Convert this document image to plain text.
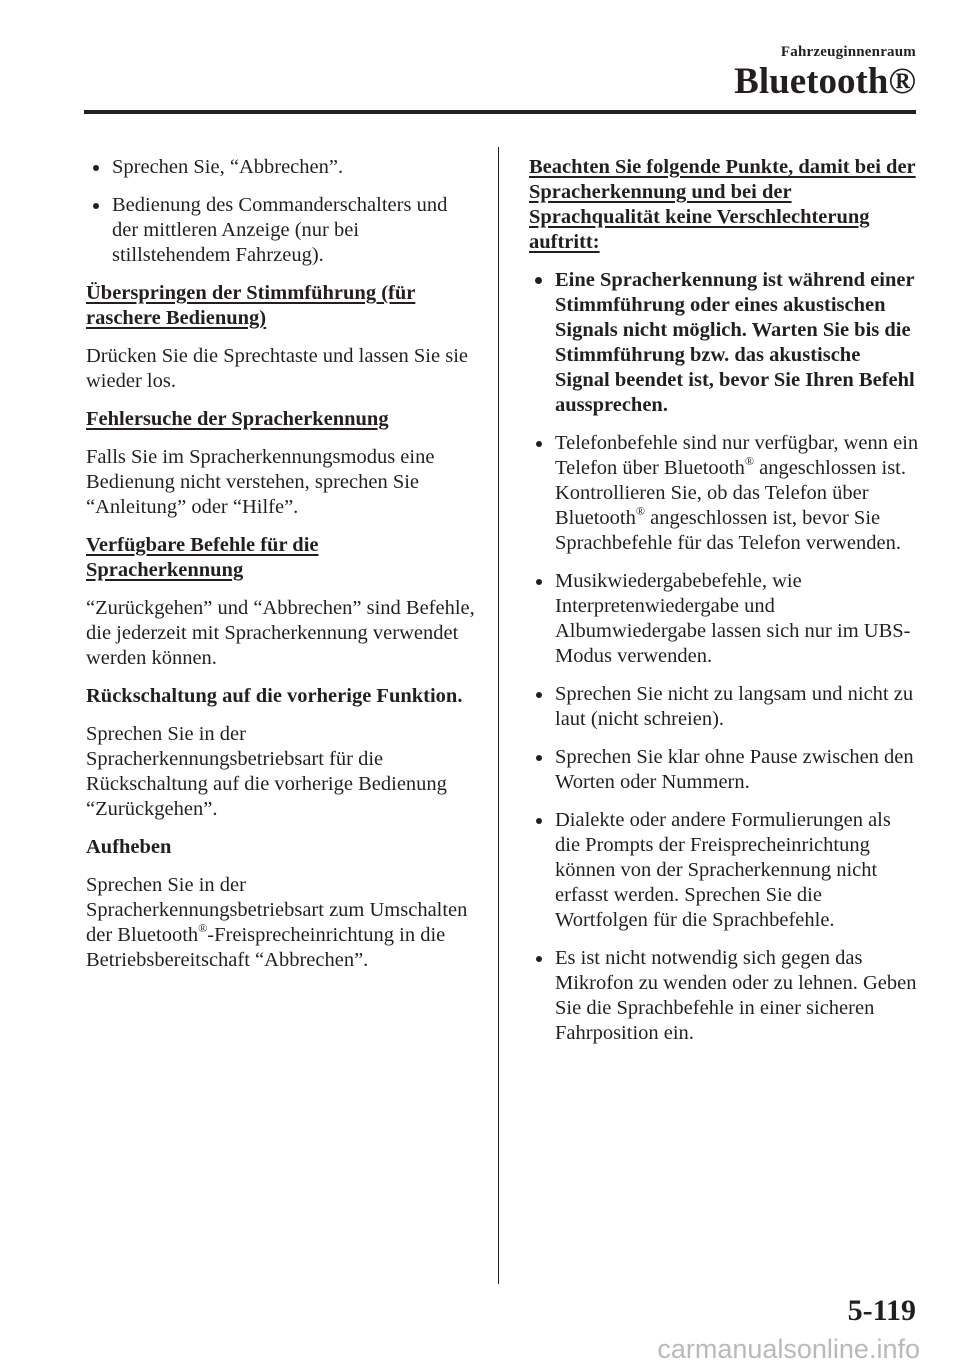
Fahrzeuginnenraum
Bluetooth®
Sprechen Sie, “Abbrechen”.
Bedienung des Commanderschalters und der mittleren Anzeige (nur bei stillstehendem Fahrzeug).
Überspringen der Stimmführung (für raschere Bedienung)
Drücken Sie die Sprechtaste und lassen Sie sie wieder los.
Fehlersuche der Spracherkennung
Falls Sie im Spracherkennungsmodus eine Bedienung nicht verstehen, sprechen Sie “Anleitung” oder “Hilfe”.
Verfügbare Befehle für die Spracherkennung
“Zurückgehen” und “Abbrechen” sind Befehle, die jederzeit mit Spracherkennung verwendet werden können.
Rückschaltung auf die vorherige Funktion.
Sprechen Sie in der Spracherkennungsbetriebsart für die Rückschaltung auf die vorherige Bedienung “Zurückgehen”.
Aufheben
Sprechen Sie in der Spracherkennungsbetriebsart zum Umschalten der Bluetooth®-Freisprecheinrichtung in die Betriebsbereitschaft “Abbrechen”.
Beachten Sie folgende Punkte, damit bei der Spracherkennung und bei der Sprachqualität keine Verschlechterung auftritt:
Eine Spracherkennung ist während einer Stimmführung oder eines akustischen Signals nicht möglich. Warten Sie bis die Stimmführung bzw. das akustische Signal beendet ist, bevor Sie Ihren Befehl aussprechen.
Telefonbefehle sind nur verfügbar, wenn ein Telefon über Bluetooth® angeschlossen ist. Kontrollieren Sie, ob das Telefon über Bluetooth® angeschlossen ist, bevor Sie Sprachbefehle für das Telefon verwenden.
Musikwiedergabebefehle, wie Interpretenwiedergabe und Albumwiedergabe lassen sich nur im UBS-Modus verwenden.
Sprechen Sie nicht zu langsam und nicht zu laut (nicht schreien).
Sprechen Sie klar ohne Pause zwischen den Worten oder Nummern.
Dialekte oder andere Formulierungen als die Prompts der Freisprecheinrichtung können von der Spracherkennung nicht erfasst werden. Sprechen Sie die Wortfolgen für die Sprachbefehle.
Es ist nicht notwendig sich gegen das Mikrofon zu wenden oder zu lehnen. Geben Sie die Sprachbefehle in einer sicheren Fahrposition ein.
5-119
carmanualsonline.info
